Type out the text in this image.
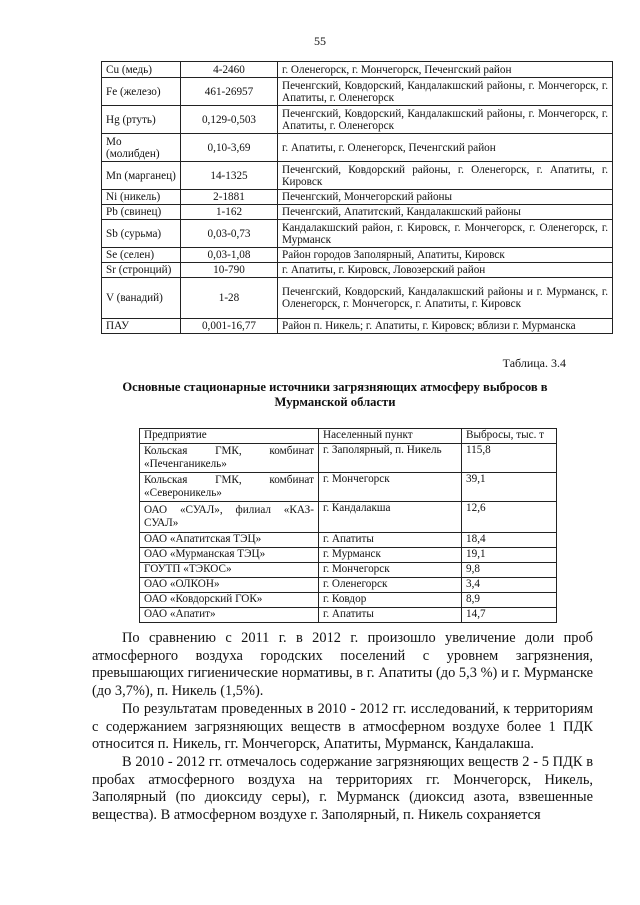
55
Cu (медь)	4-2460	г. Оленегорск, г. Мончегорск, Печенгский район
Fe (железо)	461-26957	Печенгский, Ковдорский, Кандалакшский районы, г. Мончегорск, г. Апатиты, г. Оленегорск
Hg (ртуть)	0,129-0,503	Печенгский, Ковдорский, Кандалакшский районы, г. Мончегорск, г. Апатиты, г. Оленегорск
Mo (молибден)	0,10-3,69	г. Апатиты, г. Оленегорск, Печенгский район
Mn (марганец)	14-1325	Печенгский, Ковдорский районы, г. Оленегорск, г. Апатиты, г. Кировск
Ni (никель)	2-1881	Печенгский, Мончегорский районы
Pb (свинец)	1-162	Печенгский, Апатитский, Кандалакшский районы
Sb (сурьма)	0,03-0,73	Кандалакшский район, г. Кировск, г. Мончегорск, г. Оленегорск, г. Мурманск
Se (селен)	0,03-1,08	Район городов Заполярный, Апатиты, Кировск
Sr (стронций)	10-790	г. Апатиты, г. Кировск, Ловозерский район
V (ванадий)	1-28	Печенгский, Ковдорский, Кандалакшский районы и г. Мурманск, г. Оленегорск, г. Мончегорск, г. Апатиты, г. Кировск
ПАУ	0,001-16,77	Район п. Никель; г. Апатиты, г. Кировск; вблизи г. Мурманска
Таблица. 3.4
Основные стационарные источники загрязняющих атмосферу выбросов в Мурманской области
Предприятие	Населенный пункт	Выбросы, тыс. т
Кольская ГМК, комбинат «Печенганикель»	г. Заполярный, п. Никель	115,8
Кольская ГМК, комбинат «Североникель»	г. Мончегорск	39,1
ОАО «СУАЛ», филиал «КАЗ-СУАЛ»	г. Кандалакша	12,6
ОАО «Апатитская ТЭЦ»	г. Апатиты	18,4
ОАО «Мурманская ТЭЦ»	г. Мурманск	19,1
ГОУТП «ТЭКОС»	г. Мончегорск	9,8
ОАО «ОЛКОН»	г. Оленегорск	3,4
ОАО «Ковдорский ГОК»	г. Ковдор	8,9
ОАО «Апатит»	г. Апатиты	14,7

По сравнению с 2011 г. в 2012 г. произошло увеличение доли проб атмосферного воздуха городских поселений с уровнем загрязнения, превышающих гигиенические нормативы, в г. Апатиты (до 5,3 %) и г. Мурманске (до 3,7%), п. Никель (1,5%).

По результатам проведенных в 2010 - 2012 гг. исследований, к территориям с содержанием загрязняющих веществ в атмосферном воздухе более 1 ПДК относится п. Никель, гг. Мончегорск, Апатиты, Мурманск, Кандалакша.

В 2010 - 2012 гг. отмечалось содержание загрязняющих веществ 2 - 5 ПДК в пробах атмосферного воздуха на территориях гг. Мончегорск, Никель, Заполярный (по диоксиду серы), г. Мурманск (диоксид азота, взвешенные вещества). В атмосферном воздухе г. Заполярный, п. Никель сохраняется
